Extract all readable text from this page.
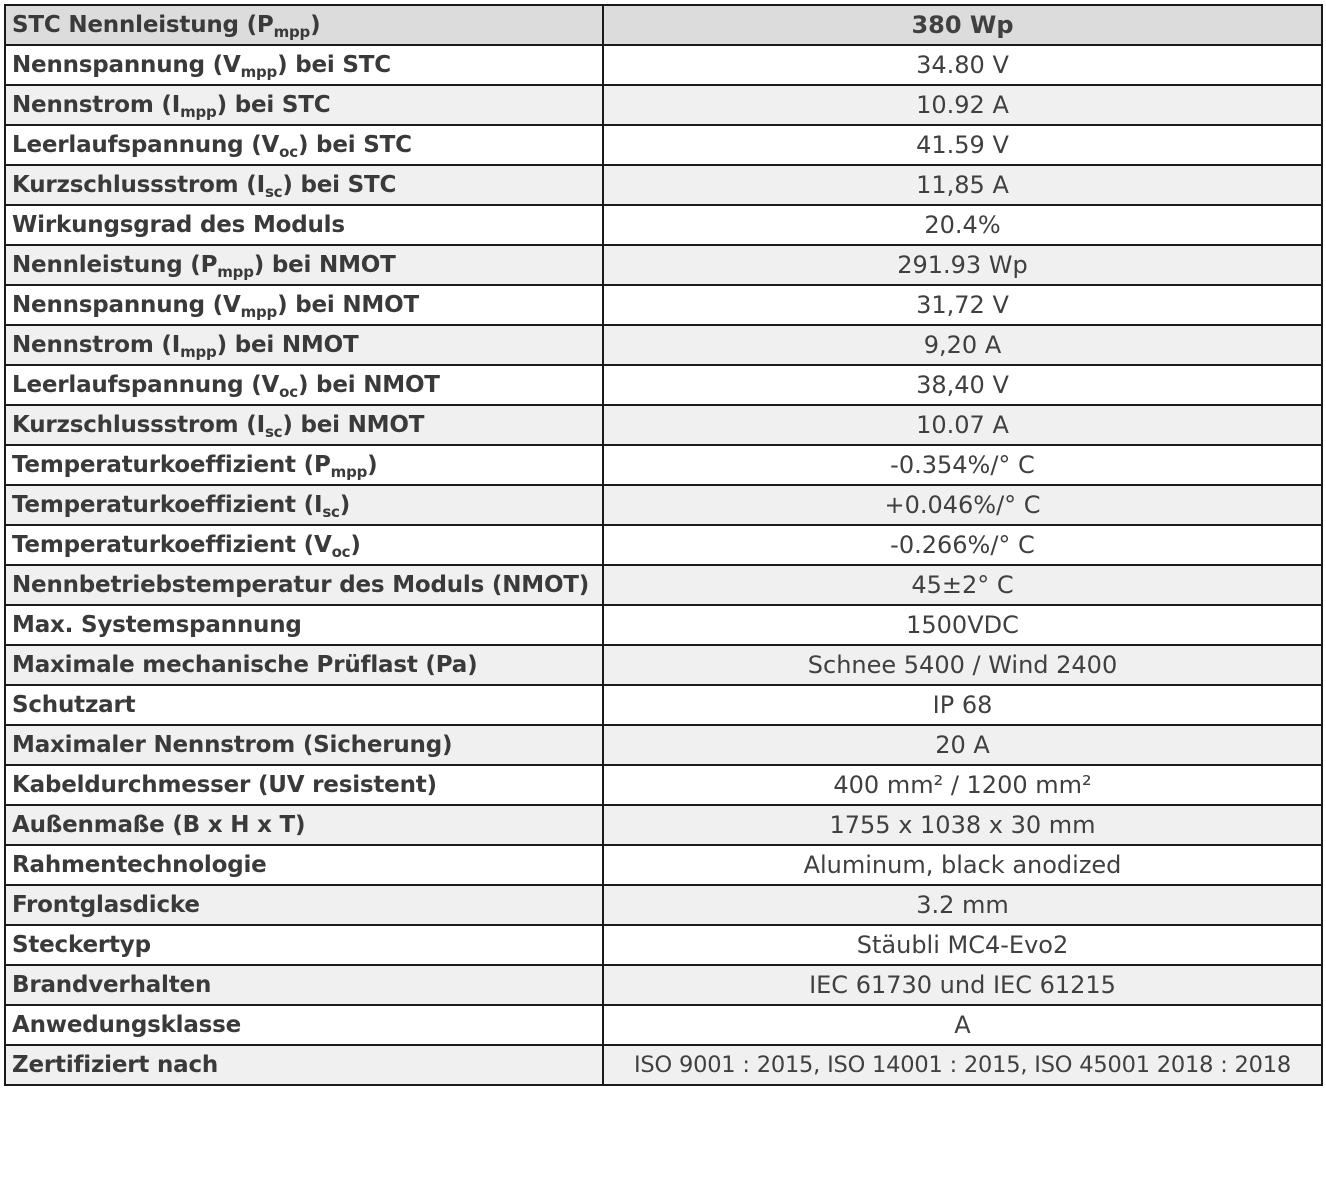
STC Nennleistung $(P_{mpp})$	380 Wp
Nennspannung $(V_{mpp})$ bei STC	34.80 V
Nennstrom $(I_{mpp})$ bei STC	10.92 A
Leerlaufspannung $(V_{oc})$ bei STC	41.59 V
Kurzschlussstrom $(I_{sc})$ bei STC	11,85 A
Wirkungsgrad des Moduls	20.4%
Nennleistung $(P_{mpp})$ bei NMOT	291.93 Wp
Nennspannung $(V_{mpp})$ bei NMOT	31,72 V
Nennstrom $(I_{mpp})$ bei NMOT	9,20 A
Leerlaufspannung $(V_{oc})$ bei NMOT	38,40 V
Kurzschlussstrom $(I_{sc})$ bei NMOT	10.07 A
Temperaturkoeffizient $(P_{mpp})$	-0.354%/° C
Temperaturkoeffizient $(I_{sc})$	+0.046%/° C
Temperaturkoeffizient $(V_{oc})$	-0.266%/° C
Nennbetriebstemperatur des Moduls (NMOT)	45±2° C
Max. Systemspannung	1500VDC
Maximale mechanische Prüflast (Pa)	Schnee 5400 / Wind 2400
Schutzart	IP 68
Maximaler Nennstrom (Sicherung)	20 A
Kabeldurchmesser (UV resistent)	400 mm² / 1200 mm²
Außenmaße (B x H x T)	1755 x 1038 x 30 mm
Rahmentechnologie	Aluminum, black anodized
Frontglasdicke	3.2 mm
Steckertyp	Stäubli MC4-Evo2
Brandverhalten	IEC 61730 und IEC 61215
Anwedungsklasse	A
Zertifiziert nach	ISO 9001 : 2015, ISO 14001 : 2015, ISO 45001 2018 : 2018
